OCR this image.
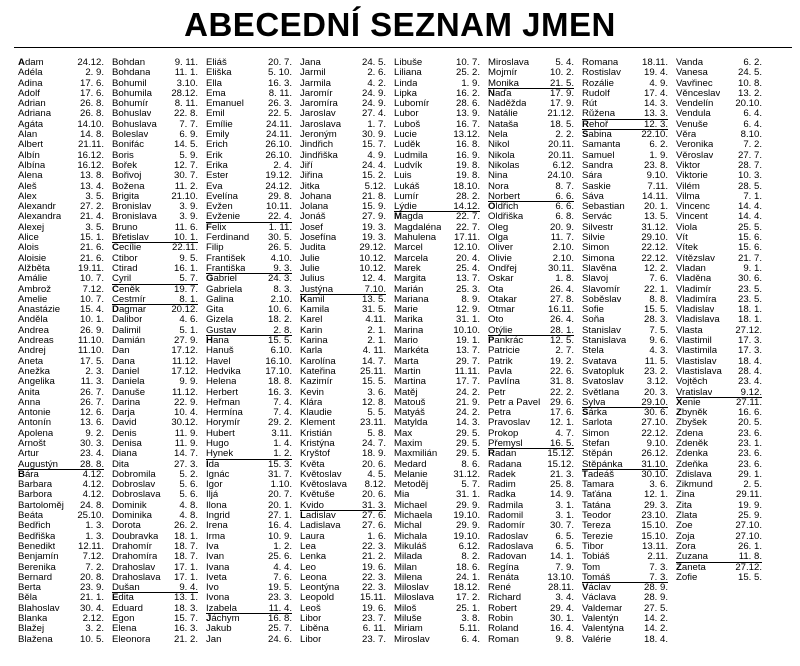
ABECEDNÍ SEZNAM JMEN
Adam	24.12.
Adéla	2. 9.
Adina	17. 6.
Adolf	17. 6.
Adrian	26. 8.
Adriana	26. 8.
Agáta	14.10.
Alan	14. 8.
Albert	21.11.
Albín	16.12.
Albína	16.12.
Alena	13. 8.
Aleš	13. 4.
Alex	3. 5.
Alexandr	27. 2.
Alexandra 21. 4.
Alexej	3. 5.
Alice	15. 1.
Alois	21. 6.
Aloisie	21. 6.
Alžběta	19.11.
Amálie	10. 7.
Ambrož	7.12.
Amelie	10. 7.
Anastázie 15. 4.
Anděla	10. 1.
Andrea	26. 9.
Andreas	11.10.
Andrej	11.10.
Aneta	17. 5.
Anežka	2. 3.
Angelika	11. 3.
Anita	26. 7.
Anna	26. 7.
Antonie	12. 6.
Antonín	13. 6.
Apolena	9. 2.
Arnošt	30. 3.
Artur	23. 4.
Augustýn 28. 8.
Bára	4.12.
Barbara	4.12.
Barbora	4.12.
Bartoloměj 24. 8.
Beáta	25.10.
Bedřich	1. 3.
Bedřiška	1. 3.
Benedikt 12.11.
Benjamín	7.12.
Berenika	7. 2.
Bernard	20. 8.
Berta	23. 9.
Běla	21. 1.
Blahoslav 30. 4.
Blanka	2.12.
Blažej	3. 2.
Blažena	10. 5.
Bohdan	9. 11.
Bohdana	11. 1.
Bohumil	3.10.
Bohumila 28.12.
Bohumír	8. 11.
Bohuslav 22. 8.
Bohuslava 7. 7.
Boleslav	6. 9.
Bonifác	14. 5.
Boris	5. 9.
Bořek	12. 7.
Bořivoj	30. 7.
Božena	11. 2.
Brigita	21.10.
Bronislav	3. 9.
Bronislava 3. 9.
Bruno	11. 6.
Břetislav	10. 1.
Cecílie	22.11.
Ctibor	9. 5.
Ctirad	16. 1.
Cyril	5. 7.
Čeněk	19. 7.
Čestmír	8. 1.
Dagmar	20.12.
Dalibor	4. 6.
Dalimil	5. 1.
Damián	27. 9.
Dan	17.12.
Dana	11.12.
Daniel	17.12.
Daniela	9. 9.
Danuše	11.12.
Darina	22. 9.
Darja	10. 4.
David	30.12.
Denis	11. 9.
Denisa	11. 9.
Diana	14. 7.
Dita	27. 3.
Dobromila 5. 2.
Dobroslav	5. 6.
Dobroslava 5. 6.
Dominik	4. 8.
Dominika	4. 8.
Dorota	26. 2.
Doubravka 18. 1.
Drahomír 18. 7.
Drahomíra 18. 7.
Drahoslav 17. 1.
Drahoslava 17. 1.
Dušan	9. 4.
Edita	13. 1.
Eduard	18. 3.
Egon	15. 7.
Elena	16. 3.
Eleonora 21. 2.
Eliáš	20. 7.
Eliška	5. 10.
Ella	16. 3.
Ema	8. 11.
Emanuel	26. 3.
Emil	22. 5.
Emílie	24.11.
Emily	24.11.
Erich	26.10.
Erik	26.10.
Erika	2. 4.
Ester	19.12.
Eva	24.12.
Evelína	29. 8.
Evžen	10.11.
Evženie	22. 4.
Felix	1. 11.
Ferdinand 30. 5.
Filip	26. 5.
František	4.10.
Františka	9. 3.
Gabriel	24. 3.
Gabriela	8. 3.
Galina	2.10.
Gita	10. 6.
Gizela	18. 2.
Gustav	2. 8.
Hana	15. 5.
Hanuš	6.10.
Havel	16.10.
Hedvika	17.10.
Helena	18. 8.
Herbert	16. 3.
Heřman	7. 4.
Hermína	7. 4.
Horymír	29. 2.
Hubert	3.11.
Hugo	1. 4.
Hynek	1. 2.
Ida	15. 3.
Ignác	31. 7.
Igor	1.10.
Iljá	20. 7.
Ilona	20. 1.
Ingrid	27. 1.
Irena	16. 4.
Irma	10. 9.
Iva	1. 2.
Ivan	25. 6.
Ivana	4. 4.
Iveta	7. 6.
Ivo	19. 5.
Ivona	23. 3.
Izabela	11. 4.
Jáchym	16. 8.
Jakub	25. 7.
Jan	24. 6.
Jana	24. 5.
Jarmil	2. 6.
Jarmila	4. 2.
Jaromír	24. 9.
Jaromíra	24. 9.
Jaroslav	27. 4.
Jaroslava	1. 7.
Jeroným	30. 9.
Jindřich	15. 7.
Jindřiška	4. 9.
Jiří	24. 4.
Jiřina	15. 2.
Jitka	5.12.
Johana	21. 8.
Jolana	15. 9.
Jonáš	27. 9.
Josef	19. 3.
Josefína	19. 3.
Judita	29.12.
Julie	10.12.
Julie	10.12.
Julius	12. 4.
Justýna	7.10.
Kamil	13. 5.
Kamila	31. 5.
Karel	4.11.
Karin	2. 1.
Karina	2. 1.
Karla	4. 11.
Karolína	14. 7.
Kateřina	25.11.
Kazimír	15. 5.
Kevin	3. 6.
Klára	12. 8.
Klaudie	5. 5.
Klement	23.11.
Kristián	5. 8.
Kristýna	24. 7.
Kryštof	18. 9.
Květa	20. 6.
Květoslav	4. 5.
Květoslava 8.12.
Květuše	20. 6.
Kvido	31. 3.
Ladislav	27. 6.
Ladislava 27. 6.
Laura	1. 6.
Lea	22. 3.
Lenka	21. 2.
Leo	19. 6.
Leona	22. 3.
Leontýna 22. 3.
Leopold	15.11.
Leoš	19. 6.
Libor	23. 7.
Liběna	6. 11.
Libor	23. 7.
Libuše	10. 7.
Liliana	25. 2.
Linda	1. 9.
Lipka	16. 2.
Lubomír	28. 6.
Lubor	13. 9.
Luboš	16. 7.
Lucie	13.12.
Luděk	16. 8.
Ludmila	16. 9.
Ludvík	19. 8.
Luis	19. 8.
Lukáš	18.10.
Lumír	28. 2.
Lýdie	14.12.
Magda	22. 7.
Magdaléna 22. 7.
Mahulena 17.11.
Marcel	12.10.
Marcela	20. 4.
Marek	25. 4.
Margita	13. 7.
Marián	25. 3.
Mariana	8. 9.
Marie	12. 9.
Marika	31. 1.
Marina	10.10.
Mario	19. 1.
Markéta	13. 7.
Marta	29. 7.
Martin	11.11.
Martina	17. 7.
Matěj	24. 2.
Matouš	21. 9.
Matyáš	24. 2.
Matylda	14. 3.
Max	29. 5.
Maxim	29. 5.
Maxmilián 29. 5.
Medard	8. 6.
Melanie	31.12.
Metoděj	5. 7.
Mia	31. 1.
Michael	29. 9.
Michaela 19.10.
Michal	29. 9.
Michala	19.10.
Mikuláš	6.12.
Milada	8. 2.
Milan	18. 6.
Milena	24. 1.
Miloslav	18.12.
Miloslava 17. 2.
Miloš	25. 1.
Miluše	3. 8.
Miriam	5.11.
Miroslav	6. 4.
Miroslava	5. 4.
Mojmír	10. 2.
Monika	21. 5.
Naďa	17. 9.
Naděžda 17. 9.
Natálie	21.12.
Nataša	18. 5.
Nela	2. 2.
Nikol	20.11.
Nikola	20.11.
Nikolas	6.12.
Nina	24.10.
Nora	8. 7.
Norbert	6. 6.
Oldřich	6. 6.
Oldřiška	6. 8.
Oleg	20. 9.
Olga	11. 7.
Oliver	2.10.
Olivie	2.10.
Ondřej	30.11.
Oskar	1. 8.
Ota	26. 4.
Otakar	27. 8.
Otmar	16.11.
Oto	26. 4.
Otýlie	28. 1.
Pankrác	12. 5.
Patricie	2. 7.
Patrik	19. 2.
Pavla	22. 6.
Pavlína	31. 8.
Petr	22. 2.
Petr a Pavel 29. 6.
Petra	17. 6.
Pravoslav 12. 1.
Prokop	4. 7.
Přemysl	16. 5.
Radan	15.12.
Radana	15.12.
Radek	21. 3.
Radim	25. 8.
Radka	14. 9.
Radmila	3. 1.
Radomil	3. 1.
Radomír	30. 7.
Radoslav	6. 5.
Radoslava 6. 5.
Radovan 14. 1.
Regína	7. 9.
Renáta	13.10.
René	28.11.
Richard	3. 4.
Robert	29. 4.
Robin	30. 1.
Roland	16. 4.
Roman	9. 8.
Romana 18.11.
Rostislav 19. 4.
Rozálie	4. 9.
Rudolf	17. 4.
Rút	14. 3.
Růžena	13. 3.
Řehoř	12. 3.
Sabina	22.10.
Samanta	6. 2.
Samuel	1. 9.
Sandra	23. 8.
Sára	9.10.
Saskie	7.11.
Sáva	14.11.
Sebastian 20. 1.
Servác	13. 5.
Silvestr	31.12.
Silvie	29.10.
Simon	22.12.
Simona	22.12.
Slavěna	12. 2.
Slavoj	7. 6.
Slavomír	22. 1.
Soběslav	8. 8.
Sofie	15. 5.
Soňa	28. 3.
Stanislav	7. 5.
Stanislava 9. 6.
Stela	4. 3.
Svatava	11. 5.
Svatopluk 23. 2.
Svatoslav 3.12.
Světlana	20. 3.
Sylva	29.10.
Šárka	30. 6.
Šarlota	27.10.
Šimon	22.12.
Štefan	9.10.
Štěpán	26.12.
Štěpánka 31.10.
Tadeáš	30.10.
Tamara	3. 6.
Taťána	12. 1.
Tatána	29. 3.
Teodor	23.10.
Tereza	15.10.
Terezie	15.10.
Tibor	13.11.
Tobiáš	2.11.
Tom	7. 3.
Tomáš	7. 3.
Václav	28. 9.
Václava	28. 9.
Valdemar 27. 5.
Valentýn	14. 2.
Valentýna 14. 2.
Valérie	18. 4.
Vanda	6. 2.
Vanesa	24. 5.
Vavřinec	10. 8.
Věnceslav 13. 2.
Vendelín 20.10.
Vendula	6. 4.
Venuše	6. 4.
Věra	8.10.
Veronika	7. 2.
Věroslav	27. 7.
Viktor	28. 7.
Viktorie	10. 3.
Vilém	28. 5.
Vilma	7. 1.
Vincenc	14. 4.
Vincent	14. 4.
Viola	25. 5.
Vít	15. 6.
Vítek	15. 6.
Vítězslav 21. 7.
Vladan	9. 1.
Vladěna	30. 6.
Vladimír	23. 5.
Vladimíra 23. 5.
Vladislav 18. 1.
Vladislava 18. 1.
Vlasta	27.12.
Vlastimil	17. 3.
Vlastimila 17. 3.
Vlastislav 18. 4.
Vlastislava 28. 4.
Vojtěch	23. 4.
Vratislav	9.12.
Xenie	27.11.
Zbyněk	16. 6.
Zbyšek	20. 5.
Zdena	23. 6.
Zdeněk	23. 1.
Zdenka	23. 6.
Zdeňka	23. 6.
Zdislava	29. 1.
Zikmund	2. 5.
Zina	29.11.
Zita	19. 9.
Zlata	25. 9.
Zoe	27.10.
Zoja	27.10.
Zora	26. 1.
Zuzana	11. 8.
Žaneta	27.12.
Žofie	15. 5.
